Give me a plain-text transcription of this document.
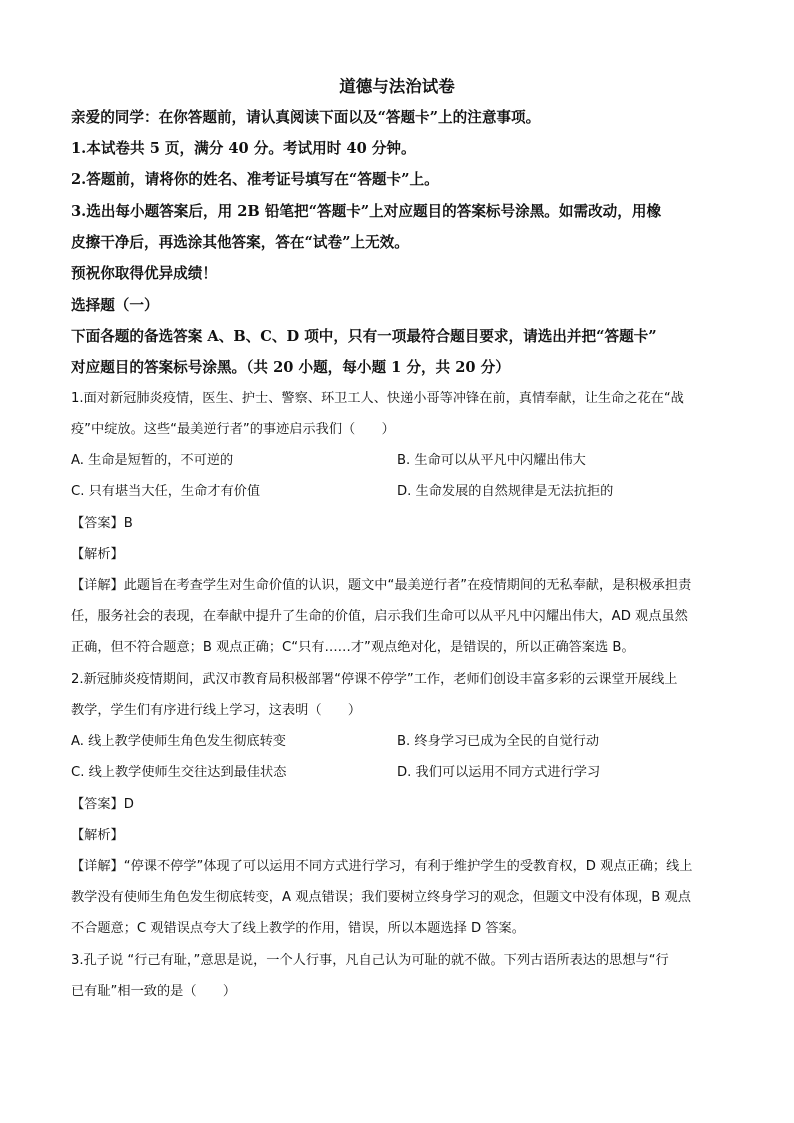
道德与法治试卷
亲爱的同学：在你答题前，请认真阅读下面以及“答题卡”上的注意事项。
1.本试卷共 5 页，满分 40 分。考试用时 40 分钟。
2.答题前，请将你的姓名、准考证号填写在“答题卡”上。
3.选出每小题答案后，用 2B 铅笔把“答题卡”上对应题目的答案标号涂黑。如需改动，用橡
皮擦干净后，再选涂其他答案，答在“试卷”上无效。
预祝你取得优异成绩！
选择题（一）
下面各题的备选答案 A、B、C、D 项中，只有一项最符合题目要求，请选出并把“答题卡”
对应题目的答案标号涂黑。（共 20 小题，每小题 1 分，共 20 分）
1.面对新冠肺炎疫情，医生、护士、警察、环卫工人、快递小哥等冲锋在前，真情奉献，让生命之花在“战
疫”中绽放。这些“最美逆行者”的事迹启示我们（　　）
A. 生命是短暂的，不可逆的	B. 生命可以从平凡中闪耀出伟大
C. 只有堪当大任，生命才有价值	D. 生命发展的自然规律是无法抗拒的
【答案】B
【解析】
【详解】此题旨在考查学生对生命价值的认识，题文中“最美逆行者”在疫情期间的无私奉献，是积极承担责
任，服务社会的表现，在奉献中提升了生命的价值，启示我们生命可以从平凡中闪耀出伟大，AD 观点虽然
正确，但不符合题意；B 观点正确；C“只有……才”观点绝对化，是错误的，所以正确答案选 B。
2.新冠肺炎疫情期间，武汉市教育局积极部署“停课不停学”工作，老师们创设丰富多彩的云课堂开展线上
教学，学生们有序进行线上学习，这表明（　　）
A. 线上教学使师生角色发生彻底转变	B. 终身学习已成为全民的自觉行动
C. 线上教学使师生交往达到最佳状态	D. 我们可以运用不同方式进行学习
【答案】D
【解析】
【详解】“停课不停学”体现了可以运用不同方式进行学习，有利于维护学生的受教育权，D 观点正确；线上
教学没有使师生角色发生彻底转变，A 观点错误；我们要树立终身学习的观念，但题文中没有体现，B 观点
不合题意；C 观错误点夸大了线上教学的作用，错误，所以本题选择 D 答案。
3.孔子说 “行己有耻，”意思是说，一个人行事，凡自己认为可耻的就不做。下列古语所表达的思想与“行
已有耻”相一致的是（　　）
